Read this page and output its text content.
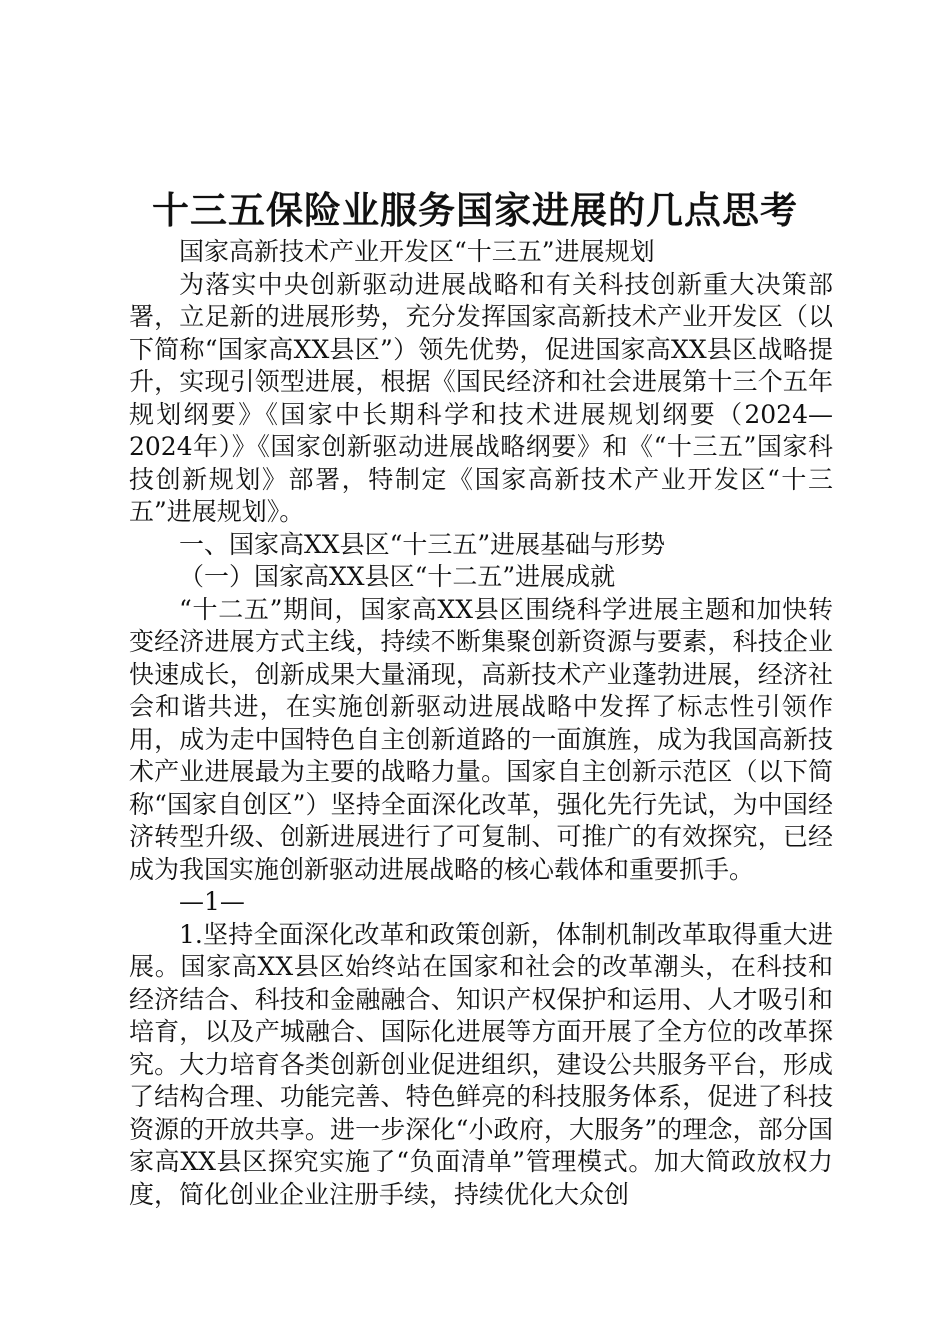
十三五保险业服务国家进展的几点思考

国家高新技术产业开发区“十三五”进展规划

为落实中央创新驱动进展战略和有关科技创新重大决策部署，立足新的进展形势，充分发挥国家高新技术产业开发区（以下简称“国家高XX县区”）领先优势，促进国家高XX县区战略提升，实现引领型进展，根据《国民经济和社会进展第十三个五年规划纲要》《国家中长期科学和技术进展规划纲要（2024—2024年）》《国家创新驱动进展战略纲要》和《“十三五”国家科技创新规划》部署，特制定《国家高新技术产业开发区“十三五”进展规划》。

一、国家高XX县区“十三五”进展基础与形势

（一）国家高XX县区“十二五”进展成就

“十二五”期间，国家高XX县区围绕科学进展主题和加快转变经济进展方式主线，持续不断集聚创新资源与要素，科技企业快速成长，创新成果大量涌现，高新技术产业蓬勃进展，经济社会和谐共进，在实施创新驱动进展战略中发挥了标志性引领作用，成为走中国特色自主创新道路的一面旗旌，成为我国高新技术产业进展最为主要的战略力量。国家自主创新示范区（以下简称“国家自创区”）坚持全面深化改革，强化先行先试，为中国经济转型升级、创新进展进行了可复制、可推广的有效探究，已经成为我国实施创新驱动进展战略的核心载体和重要抓手。

—1—

1.坚持全面深化改革和政策创新，体制机制改革取得重大进展。国家高XX县区始终站在国家和社会的改革潮头，在科技和经济结合、科技和金融融合、知识产权保护和运用、人才吸引和培育，以及产城融合、国际化进展等方面开展了全方位的改革探究。大力培育各类创新创业促进组织，建设公共服务平台，形成了结构合理、功能完善、特色鲜亮的科技服务体系，促进了科技资源的开放共享。进一步深化“小政府，大服务”的理念，部分国家高XX县区探究实施了“负面清单”管理模式。加大简政放权力度，简化创业企业注册手续，持续优化大众创
